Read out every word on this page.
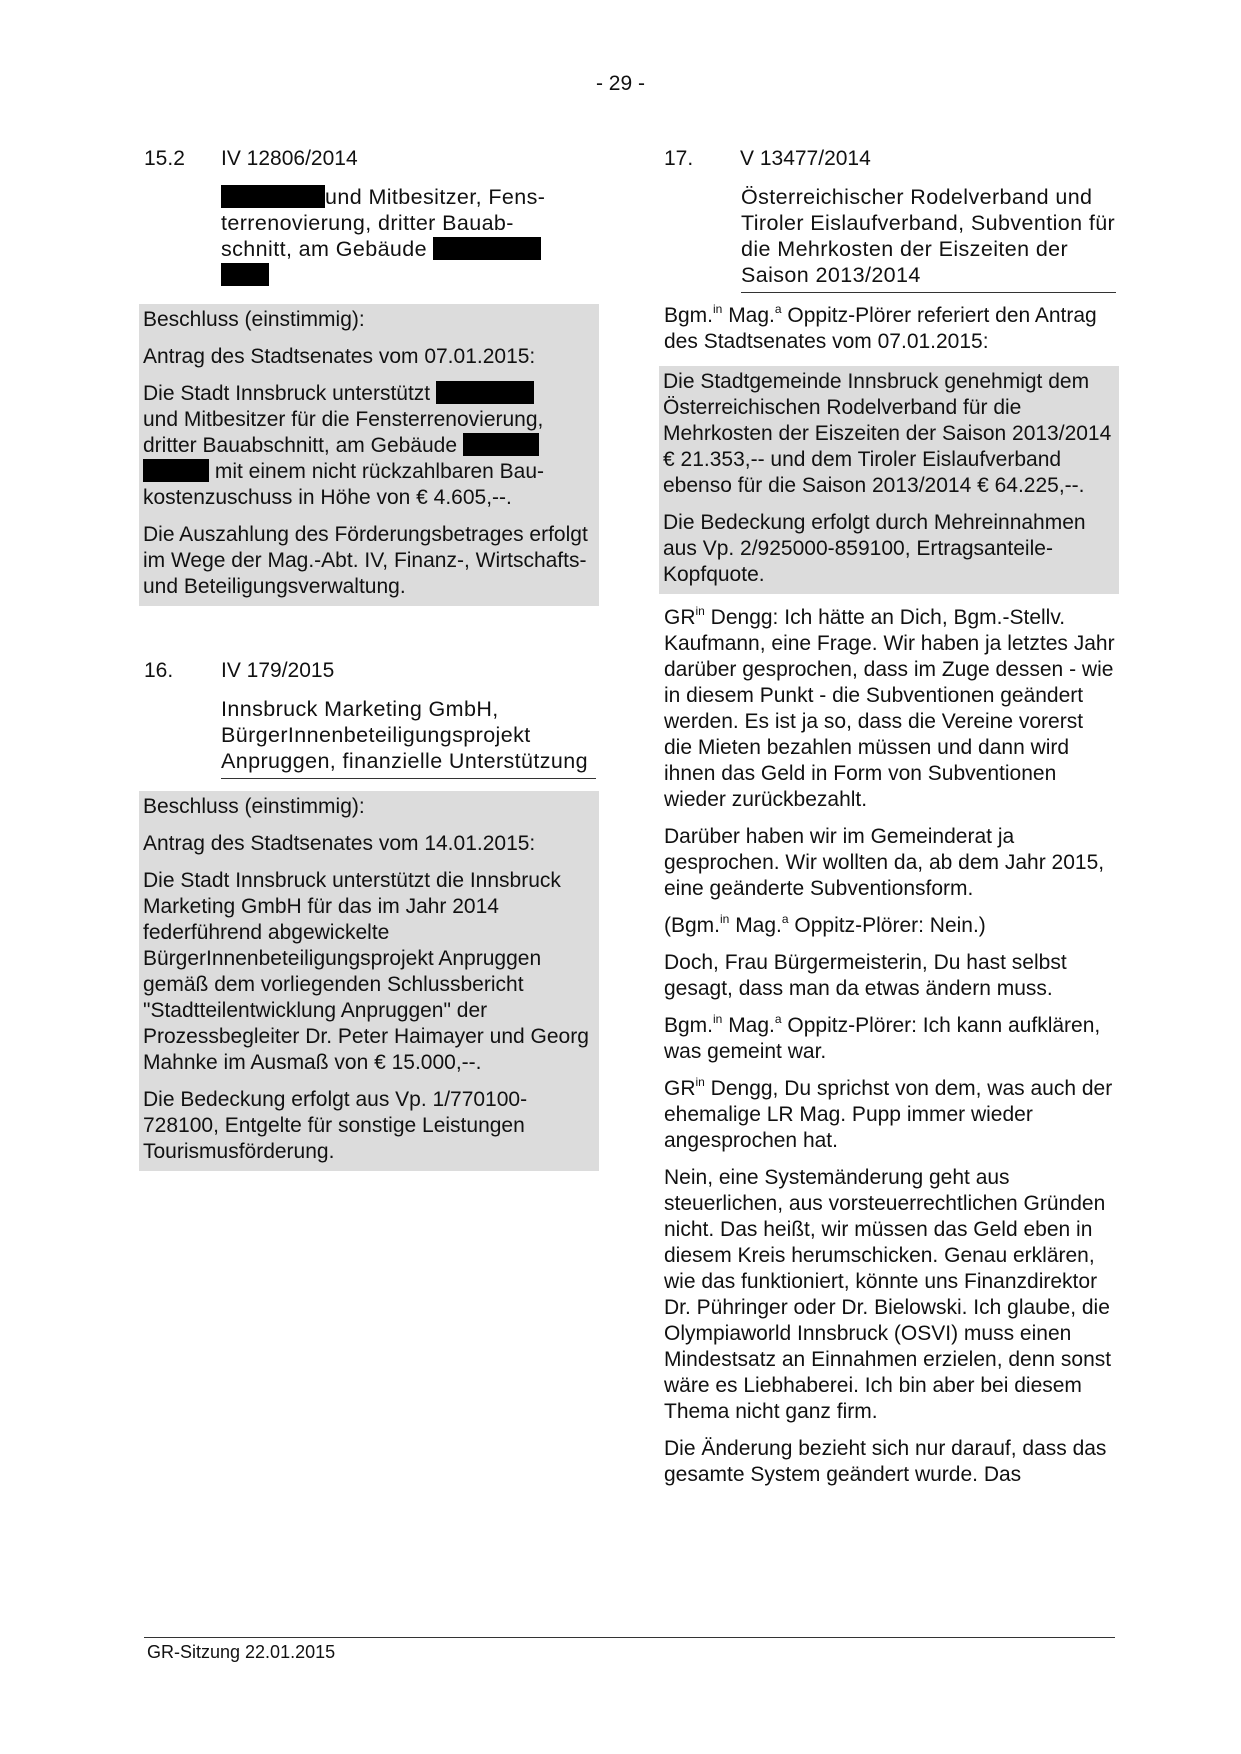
- 29 -
15.2 IV 12806/2014
und Mitbesitzer, Fens-
terrenovierung, dritter Bauab-
schnitt, am Gebäude

Beschluss (einstimmig):

Antrag des Stadtsenates vom 07.01.2015:

Die Stadt Innsbruck unterstützt
und Mitbesitzer für die Fensterrenovierung,
dritter Bauabschnitt, am Gebäude
mit einem nicht rückzahlbaren Bau-
kostenzuschuss in Höhe von € 4.605,--.

Die Auszahlung des Förderungsbetrages erfolgt im Wege der Mag.-Abt. IV, Finanz-, Wirtschafts- und Beteiligungsverwaltung.

16. IV 179/2015
Innsbruck Marketing GmbH, BürgerInnenbeteiligungsprojekt Anpruggen, finanzielle Unterstützung

Beschluss (einstimmig):

Antrag des Stadtsenates vom 14.01.2015:

Die Stadt Innsbruck unterstützt die Innsbruck Marketing GmbH für das im Jahr 2014 federführend abgewickelte BürgerInnenbeteiligungsprojekt Anpruggen gemäß dem vorliegenden Schlussbericht "Stadtteilentwicklung Anpruggen" der Prozessbegleiter Dr. Peter Haimayer und Georg Mahnke im Ausmaß von € 15.000,--.

Die Bedeckung erfolgt aus Vp. 1/770100-728100, Entgelte für sonstige Leistungen Tourismusförderung.

17. V 13477/2014
Österreichischer Rodelverband und Tiroler Eislaufverband, Subvention für die Mehrkosten der Eiszeiten der Saison 2013/2014

Bgm.$^{in}$ Mag.$^a$ Oppitz-Plörer referiert den Antrag des Stadtsenates vom 07.01.2015:

Die Stadtgemeinde Innsbruck genehmigt dem Österreichischen Rodelverband für die Mehrkosten der Eiszeiten der Saison 2013/2014 € 21.353,-- und dem Tiroler Eislaufverband ebenso für die Saison 2013/2014 € 64.225,--.

Die Bedeckung erfolgt durch Mehreinnahmen aus Vp. 2/925000-859100, Ertragsanteile-Kopfquote.

$GR^{in}$ Dengg: Ich hätte an Dich, Bgm.-Stellv. Kaufmann, eine Frage. Wir haben ja letztes Jahr darüber gesprochen, dass im Zuge dessen - wie in diesem Punkt - die Subventionen geändert werden. Es ist ja so, dass die Vereine vorerst die Mieten bezahlen müssen und dann wird ihnen das Geld in Form von Subventionen wieder zurückbezahlt.

Darüber haben wir im Gemeinderat ja gesprochen. Wir wollten da, ab dem Jahr 2015, eine geänderte Subventionsform.

(Bgm.$^{in}$ Mag.$^a$ Oppitz-Plörer: Nein.)

Doch, Frau Bürgermeisterin, Du hast selbst gesagt, dass man da etwas ändern muss.

Bgm.$^{in}$ Mag.$^a$ Oppitz-Plörer: Ich kann aufklären, was gemeint war.

$GR^{in}$ Dengg, Du sprichst von dem, was auch der ehemalige LR Mag. Pupp immer wieder angesprochen hat.

Nein, eine Systemänderung geht aus steuerlichen, aus vorsteuerrechtlichen Gründen nicht. Das heißt, wir müssen das Geld eben in diesem Kreis herumschicken. Genau erklären, wie das funktioniert, könnte uns Finanzdirektor Dr. Pühringer oder Dr. Bielowski. Ich glaube, die Olympiaworld Innsbruck (OSVI) muss einen Mindestsatz an Einnahmen erzielen, denn sonst wäre es Liebhaberei. Ich bin aber bei diesem Thema nicht ganz firm.

Die Änderung bezieht sich nur darauf, dass das gesamte System geändert wurde. Das

GR-Sitzung 22.01.2015
